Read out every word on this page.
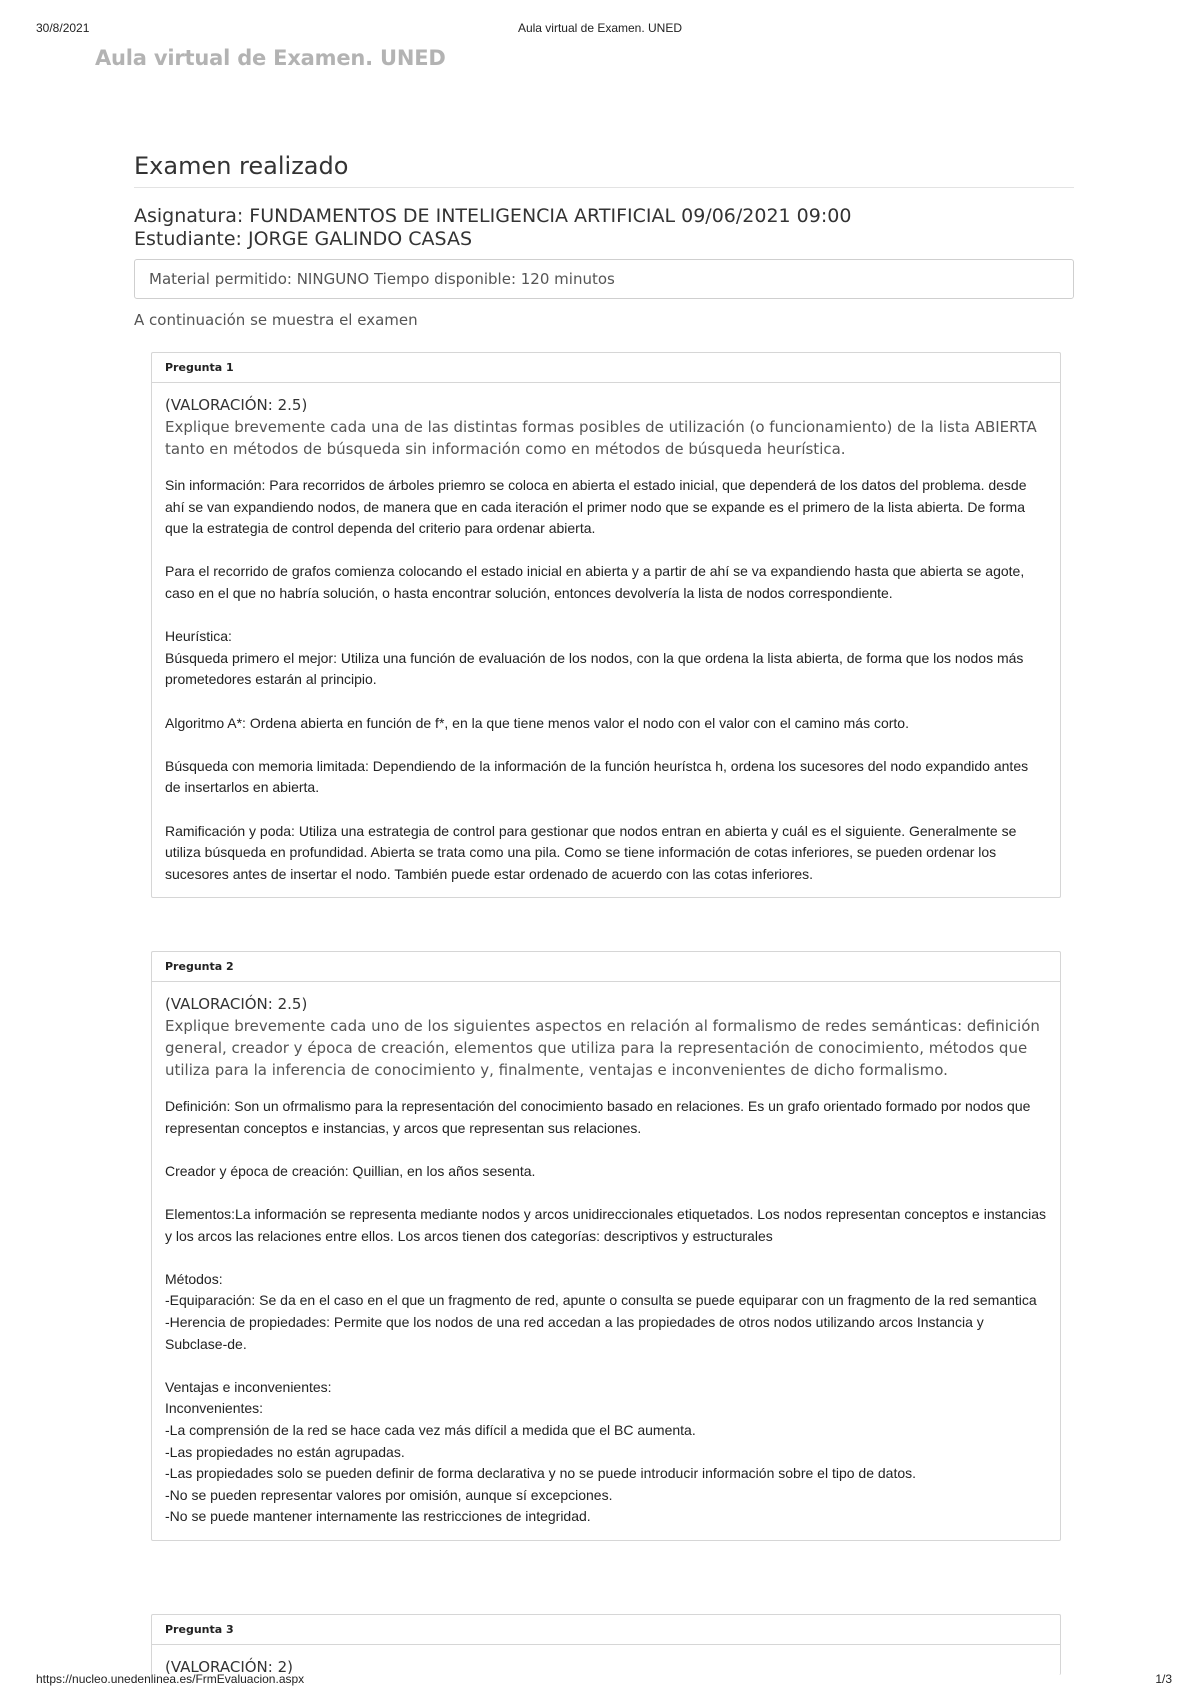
30/8/2021	Aula virtual de Examen. UNED
Aula virtual de Examen. UNED
Examen realizado
Asignatura: FUNDAMENTOS DE INTELIGENCIA ARTIFICIAL 09/06/2021 09:00
Estudiante: JORGE GALINDO CASAS
Material permitido: NINGUNO Tiempo disponible: 120 minutos
A continuación se muestra el examen
Pregunta 1
(VALORACIÓN: 2.5)
Explique brevemente cada una de las distintas formas posibles de utilización (o funcionamiento) de la lista ABIERTA tanto en métodos de búsqueda sin información como en métodos de búsqueda heurística.
Sin información: Para recorridos de árboles priemro se coloca en abierta el estado inicial, que dependerá de los datos del problema. desde ahí se van expandiendo nodos, de manera que en cada iteración el primer nodo que se expande es el primero de la lista abierta. De forma que la estrategia de control dependa del criterio para ordenar abierta.

Para el recorrido de grafos comienza colocando el estado inicial en abierta y a partir de ahí se va expandiendo hasta que abierta se agote, caso en el que no habría solución, o hasta encontrar solución, entonces devolvería la lista de nodos correspondiente.

Heurística:
Búsqueda primero el mejor: Utiliza una función de evaluación de los nodos, con la que ordena la lista abierta, de forma que los nodos más prometedores estarán al principio.

Algoritmo A*: Ordena abierta en función de f*, en la que tiene menos valor el nodo con el valor con el camino más corto.

Búsqueda con memoria limitada: Dependiendo de la información de la función heurístca h, ordena los sucesores del nodo expandido antes de insertarlos en abierta.

Ramificación y poda: Utiliza una estrategia de control para gestionar que nodos entran en abierta y cuál es el siguiente. Generalmente se utiliza búsqueda en profundidad. Abierta se trata como una pila. Como se tiene información de cotas inferiores, se pueden ordenar los sucesores antes de insertar el nodo. También puede estar ordenado de acuerdo con las cotas inferiores.
Pregunta 2
(VALORACIÓN: 2.5)
Explique brevemente cada uno de los siguientes aspectos en relación al formalismo de redes semánticas: definición general, creador y época de creación, elementos que utiliza para la representación de conocimiento, métodos que utiliza para la inferencia de conocimiento y, finalmente, ventajas e inconvenientes de dicho formalismo.
Definición: Son un ofrmalismo para la representación del conocimiento basado en relaciones. Es un grafo orientado formado por nodos que representan conceptos e instancias, y arcos que representan sus relaciones.

Creador y época de creación: Quillian, en los años sesenta.

Elementos:La información se representa mediante nodos y arcos unidireccionales etiquetados. Los nodos representan conceptos e instancias y los arcos las relaciones entre ellos. Los arcos tienen dos categorías: descriptivos y estructurales

Métodos:
-Equiparación: Se da en el caso en el que un fragmento de red, apunte o consulta se puede equiparar con un fragmento de la red semantica
-Herencia de propiedades: Permite que los nodos de una red accedan a las propiedades de otros nodos utilizando arcos Instancia y Subclase-de.

Ventajas e inconvenientes:
Inconvenientes:
-La comprensión de la red se hace cada vez más difícil a medida que el BC aumenta.
-Las propiedades no están agrupadas.
-Las propiedades solo se pueden definir de forma declarativa y no se puede introducir información sobre el tipo de datos.
-No se pueden representar valores por omisión, aunque sí excepciones.
-No se puede mantener internamente las restricciones de integridad.
Pregunta 3
(VALORACIÓN: 2)
https://nucleo.unedenlinea.es/FrmEvaluacion.aspx	1/3
